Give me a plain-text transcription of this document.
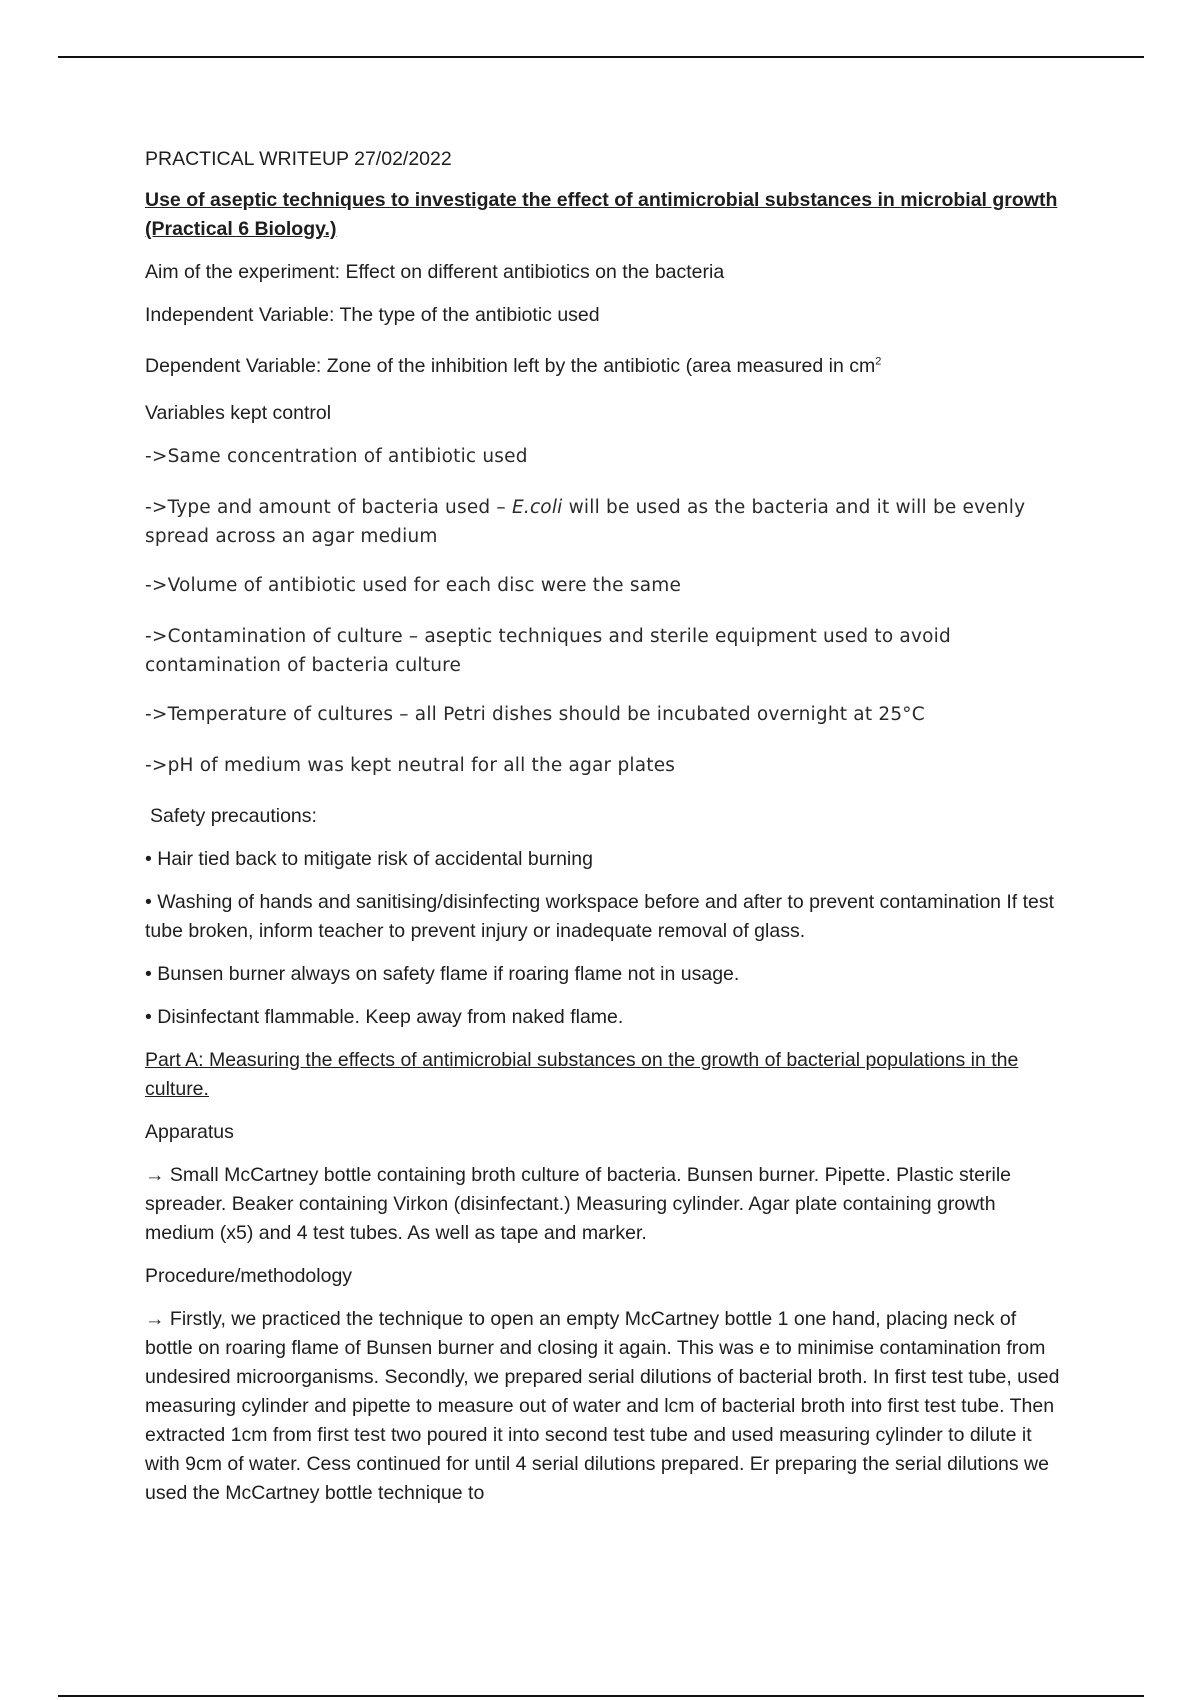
PRACTICAL WRITEUP 27/02/2022

Use of aseptic techniques to investigate the effect of antimicrobial substances in microbial growth (Practical 6 Biology.)

Aim of the experiment: Effect on different antibiotics on the bacteria

Independent Variable: The type of the antibiotic used

Dependent Variable: Zone of the inhibition left by the antibiotic (area measured in $cm^2$

Variables kept control

->Same concentration of antibiotic used

->Type and amount of bacteria used – E.coli will be used as the bacteria and it will be evenly spread across an agar medium

->Volume of antibiotic used for each disc were the same

->Contamination of culture – aseptic techniques and sterile equipment used to avoid contamination of bacteria culture

->Temperature of cultures – all Petri dishes should be incubated overnight at 25°C

->pH of medium was kept neutral for all the agar plates

Safety precautions:

• Hair tied back to mitigate risk of accidental burning

• Washing of hands and sanitising/disinfecting workspace before and after to prevent contamination If test tube broken, inform teacher to prevent injury or inadequate removal of glass.

• Bunsen burner always on safety flame if roaring flame not in usage.

• Disinfectant flammable. Keep away from naked flame.

Part A: Measuring the effects of antimicrobial substances on the growth of bacterial populations in the culture.

Apparatus

→ Small McCartney bottle containing broth culture of bacteria. Bunsen burner. Pipette. Plastic sterile spreader. Beaker containing Virkon (disinfectant.) Measuring cylinder. Agar plate containing growth medium (x5) and 4 test tubes. As well as tape and marker.

Procedure/methodology

→ Firstly, we practiced the technique to open an empty McCartney bottle 1 one hand, placing neck of bottle on roaring flame of Bunsen burner and closing it again. This was e to minimise contamination from undesired microorganisms. Secondly, we prepared serial dilutions of bacterial broth. In first test tube, used measuring cylinder and pipette to measure out of water and lcm of bacterial broth into first test tube. Then extracted 1cm from first test two poured it into second test tube and used measuring cylinder to dilute it with 9cm of water. Cess continued for until 4 serial dilutions prepared. Er preparing the serial dilutions we used the McCartney bottle technique to
